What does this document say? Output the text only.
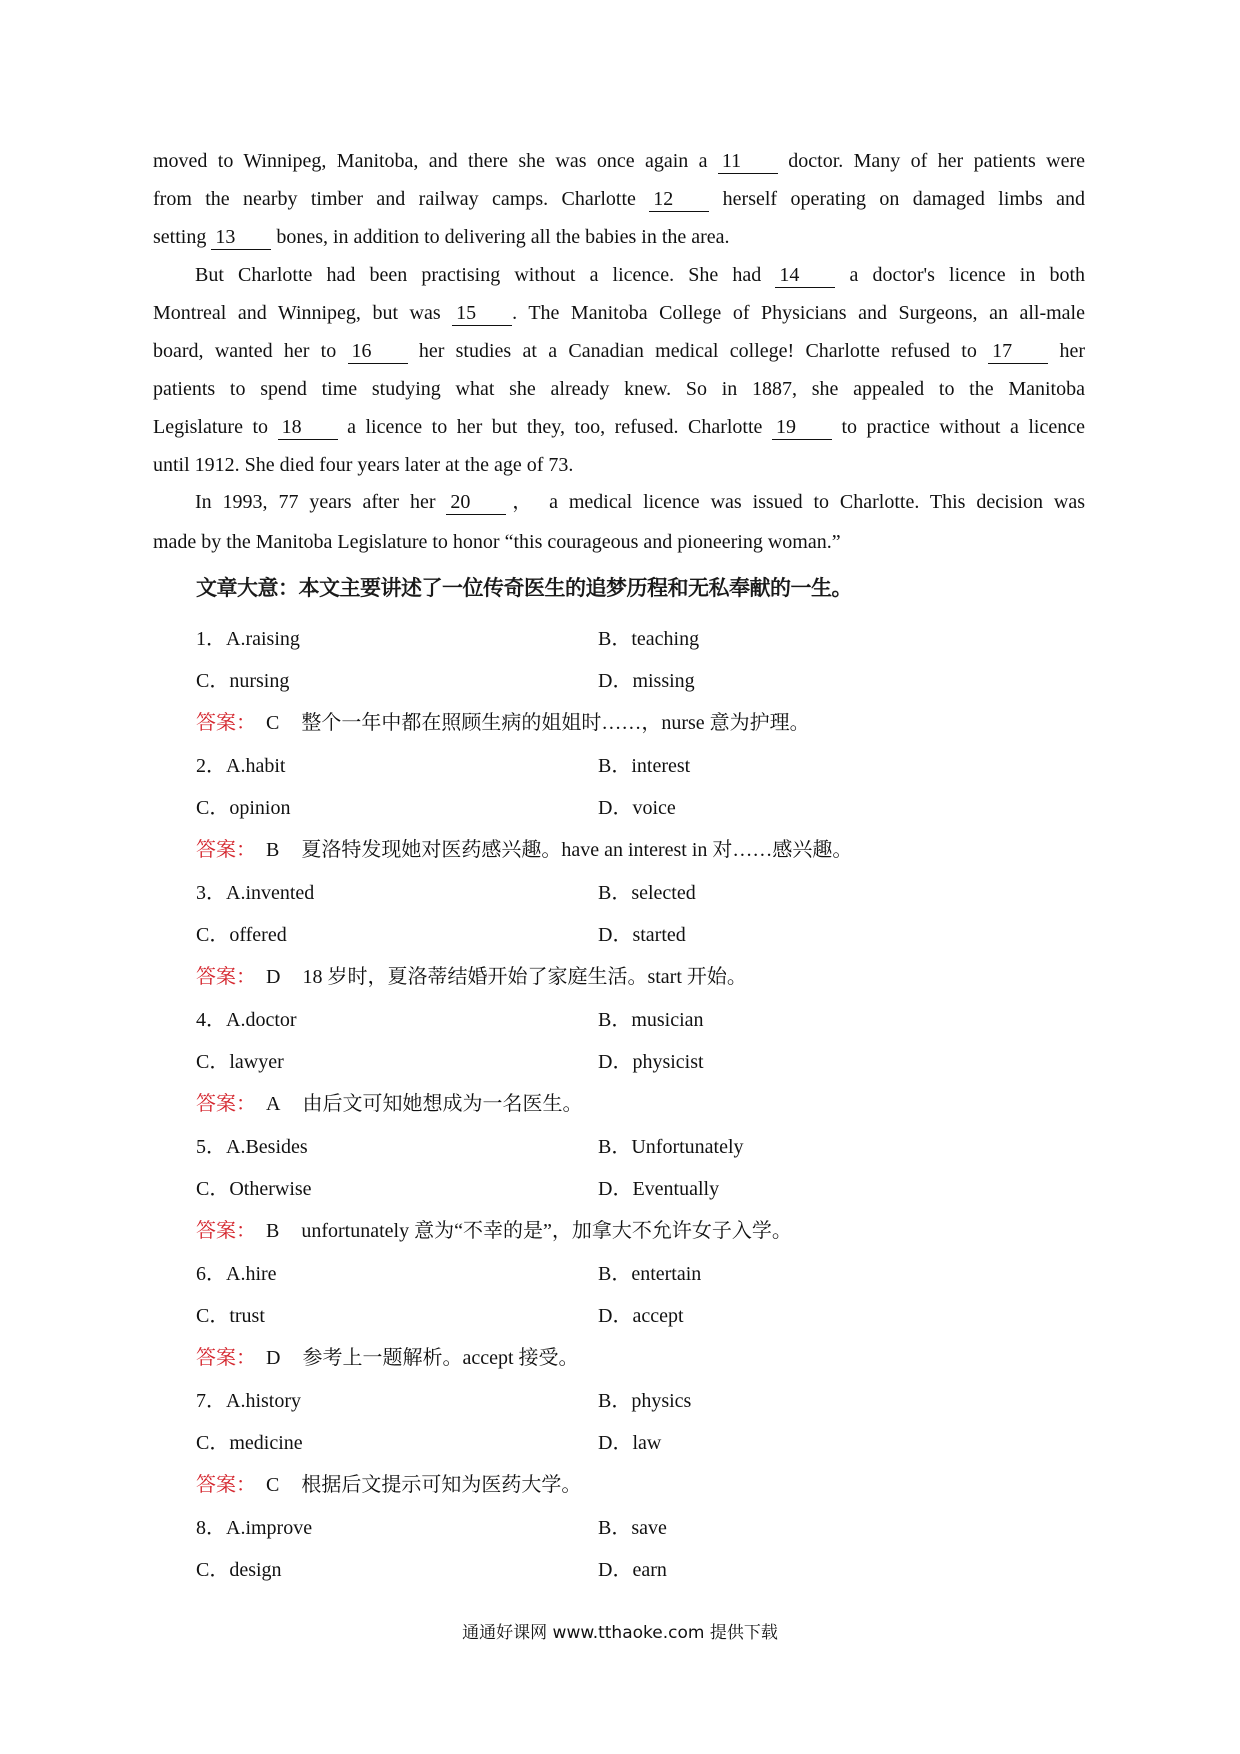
moved to Winnipeg, Manitoba, and there she was once again a 11 doctor. Many of her patients were
from the nearby timber and railway camps. Charlotte 12 herself operating on damaged limbs and
setting 13 bones, in addition to delivering all the babies in the area.
But Charlotte had been practising without a licence. She had 14 a doctor's licence in both
Montreal and Winnipeg, but was 15 . The Manitoba College of Physicians and Surgeons, an all-male
board, wanted her to 16 her studies at a Canadian medical college! Charlotte refused to 17 her
patients to spend time studying what she already knew. So in 1887, she appealed to the Manitoba
Legislature to 18 a licence to her but they, too, refused. Charlotte 19 to practice without a licence
until 1912. She died four years later at the age of 73.
In 1993, 77 years after her 20 ， a medical licence was issued to Charlotte. This decision was
made by the Manitoba Legislature to honor “this courageous and pioneering woman.”
文章大意：本文主要讲述了一位传奇医生的追梦历程和无私奉献的一生。
1．A.raising	B．teaching
C．nursing	D．missing
答案： C 整个一年中都在照顾生病的姐姐时……，nurse 意为护理。
2．A.habit	B．interest
C．opinion	D．voice
答案： B 夏洛特发现她对医药感兴趣。have an interest in 对……感兴趣。
3．A.invented	B．selected
C．offered	D．started
答案： D 18 岁时，夏洛蒂结婚开始了家庭生活。start 开始。
4．A.doctor	B．musician
C．lawyer	D．physicist
答案： A 由后文可知她想成为一名医生。
5．A.Besides	B．Unfortunately
C．Otherwise	D．Eventually
答案： B unfortunately 意为“不幸的是”，加拿大不允许女子入学。
6．A.hire	B．entertain
C．trust	D．accept
答案： D 参考上一题解析。accept 接受。
7．A.history	B．physics
C．medicine	D．law
答案： C 根据后文提示可知为医药大学。
8．A.improve	B．save
C．design	D．earn
通通好课网 www.tthaoke.com 提供下载
